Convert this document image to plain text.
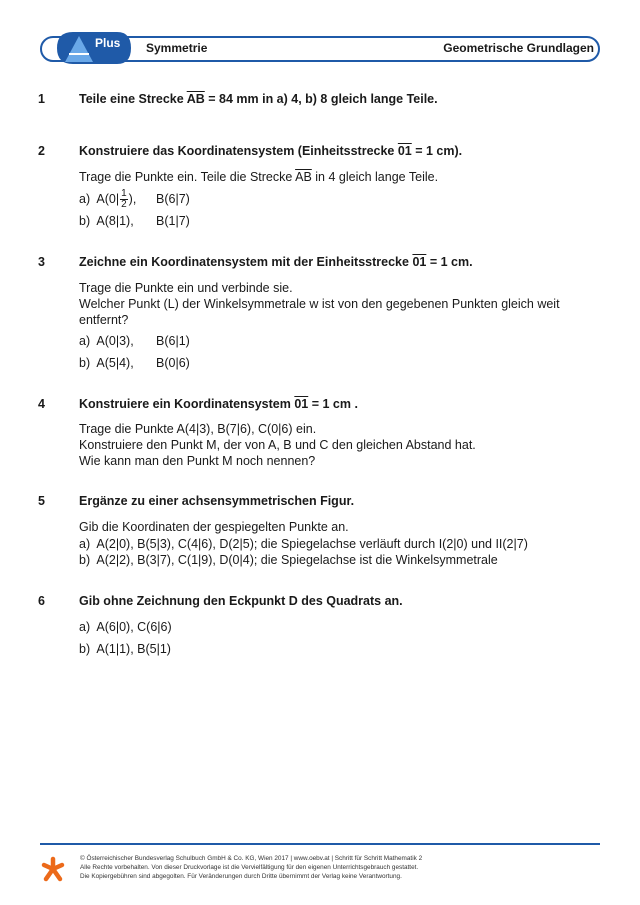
Plus Symmetrie	Geometrische Grundlagen
1	Teile eine Strecke $\overline{AB} = 84$ mm in a) 4, b) 8 gleich lange Teile.
2	Konstruiere das Koordinatensystem (Einheitsstrecke 01 = 1 cm).
Trage die Punkte ein. Teile die Strecke $\overline{AB}$ in 4 gleich lange Teile.
a) $A(0| \frac{1}{2}$ ), B(6|7)
b) A(8|1), B(1|7)
3	Zeichne ein Koordinatensystem mit der Einheitsstrecke 01 = 1 cm.
Trage die Punkte ein und verbinde sie.
Welcher Punkt (L) der Winkelsymmetrale w ist von den gegebenen Punkten gleich weit
entfernt?
a) A(0|3), B(6|1)
b) A(5|4), B(0|6)
4	Konstruiere ein Koordinatensystem 01 = 1 cm .
Trage die Punkte A(4|3), B(7|6), C(0|6) ein.
Konstruiere den Punkt M, der von A, B und C den gleichen Abstand hat.
Wie kann man den Punkt M noch nennen?
5	Ergänze zu einer achsensymmetrischen Figur.
Gib die Koordinaten der gespiegelten Punkte an.
a) A(2|0), B(5|3), C(4|6), D(2|5); die Spiegelachse verläuft durch I(2|0) und II(2|7)
b) A(2|2), B(3|7), C(1|9), D(0|4); die Spiegelachse ist die Winkelsymmetrale
6	Gib ohne Zeichnung den Eckpunkt D des Quadrats an.
a) A(6|0), C(6|6)
b) A(1|1), B(5|1)
© Österreichischer Bundesverlag Schulbuch GmbH & Co. KG, Wien 2017 | www.oebv.at | Schritt für Schritt Mathematik 2
Alle Rechte vorbehalten. Von dieser Druckvorlage ist die Vervielfältigung für den eigenen Unterrichtsgebrauch gestattet.
Die Kopiergebühren sind abgegolten. Für Veränderungen durch Dritte übernimmt der Verlag keine Verantwortung.
